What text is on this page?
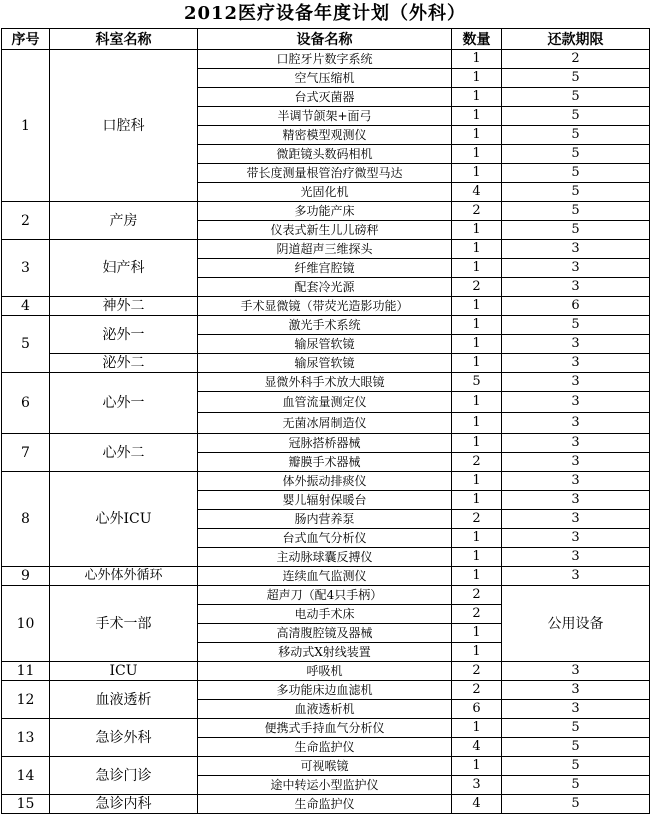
2012医疗设备年度计划（外科）
序号	科室名称	设备名称	数量	还款期限
1	口腔科	口腔牙片数字系统	1	2
		空气压缩机	1	5
		台式灭菌器	1	5
		半调节颌架+面弓	1	5
		精密模型观测仪	1	5
		微距镜头数码相机	1	5
		带长度测量根管治疗微型马达	1	5
		光固化机	4	5
2	产房	多功能产床	2	5
		仪表式新生儿儿磅秤	1	5
3	妇产科	阴道超声三维探头	1	3
		纤维宫腔镜	1	3
		配套冷光源	2	3
4	神外二	手术显微镜（带荧光造影功能）	1	6
5	泌外一	激光手术系统	1	5
		输尿管软镜	1	3
	泌外二	输尿管软镜	1	3
6	心外一	显微外科手术放大眼镜	5	3
		血管流量测定仪	1	3
		无菌冰屑制造仪	1	3
7	心外二	冠脉搭桥器械	1	3
		瓣膜手术器械	2	3
8	心外ICU	体外振动排痰仪	1	3
		婴儿辐射保暖台	1	3
		肠内营养泵	2	3
		台式血气分析仪	1	3
		主动脉球囊反搏仪	1	3
9	心外体外循环	连续血气监测仪	1	3
10	手术一部	超声刀（配4只手柄）	2	公用设备
		电动手术床	2	
		高清腹腔镜及器械	1	
		移动式X射线装置	1	
11	ICU	呼吸机	2	3
12	血液透析	多功能床边血滤机	2	3
		血液透析机	6	3
13	急诊外科	便携式手持血气分析仪	1	5
		生命监护仪	4	5
14	急诊门诊	可视喉镜	1	5
		途中转运小型监护仪	3	5
15	急诊内科	生命监护仪	4	5
